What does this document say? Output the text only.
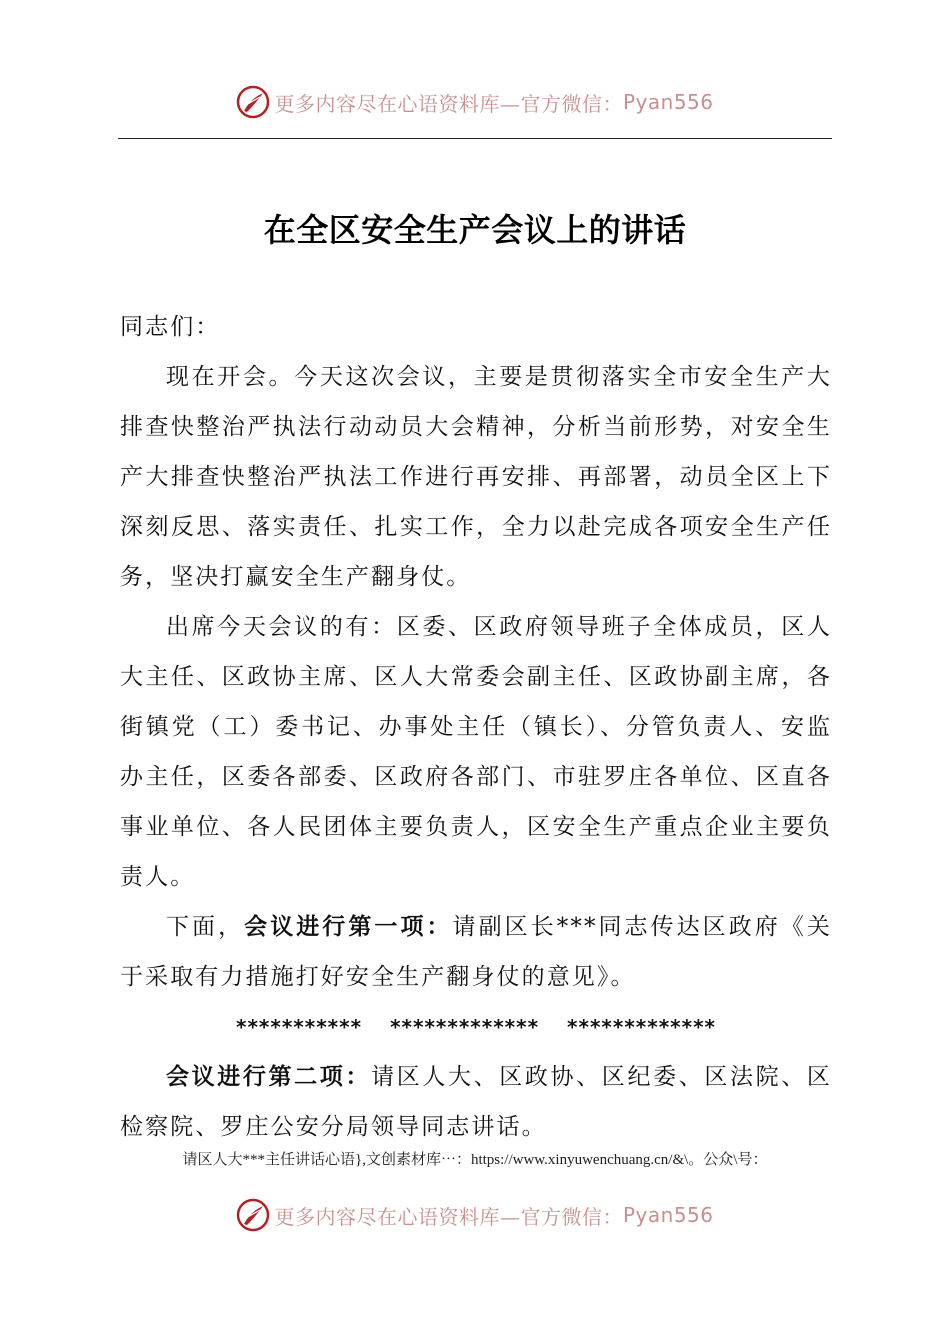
更多内容尽在心语资料库—官方微信： Pyan556
在全区安全生产会议上的讲话

同志们：

现在开会。今天这次会议，主要是贯彻落实全市安全生产大排查快整治严执法行动动员大会精神，分析当前形势，对安全生产大排查快整治严执法工作进行再安排、再部署，动员全区上下深刻反思、落实责任、扎实工作，全力以赴完成各项安全生产任务，坚决打赢安全生产翻身仗。

出席今天会议的有：区委、区政府领导班子全体成员，区人大主任、区政协主席、区人大常委会副主任、区政协副主席，各街镇党（工）委书记、办事处主任（镇长）、分管负责人、安监办主任，区委各部委、区政府各部门、市驻罗庄各单位、区直各事业单位、各人民团体主要负责人，区安全生产重点企业主要负责人。

下面，会议进行第一项：请副区长***同志传达区政府《关于采取有力措施打好安全生产翻身仗的意见》。

*********** ************* *************

会议进行第二项：请区人大、区政协、区纪委、区法院、区检察院、罗庄公安分局领导同志讲话。

请区人大***主任讲话心语},文创素材库⋯：https://www.xinyuwenchuang.cn/&\。公众\号：
更多内容尽在心语资料库—官方微信： Pyan556
